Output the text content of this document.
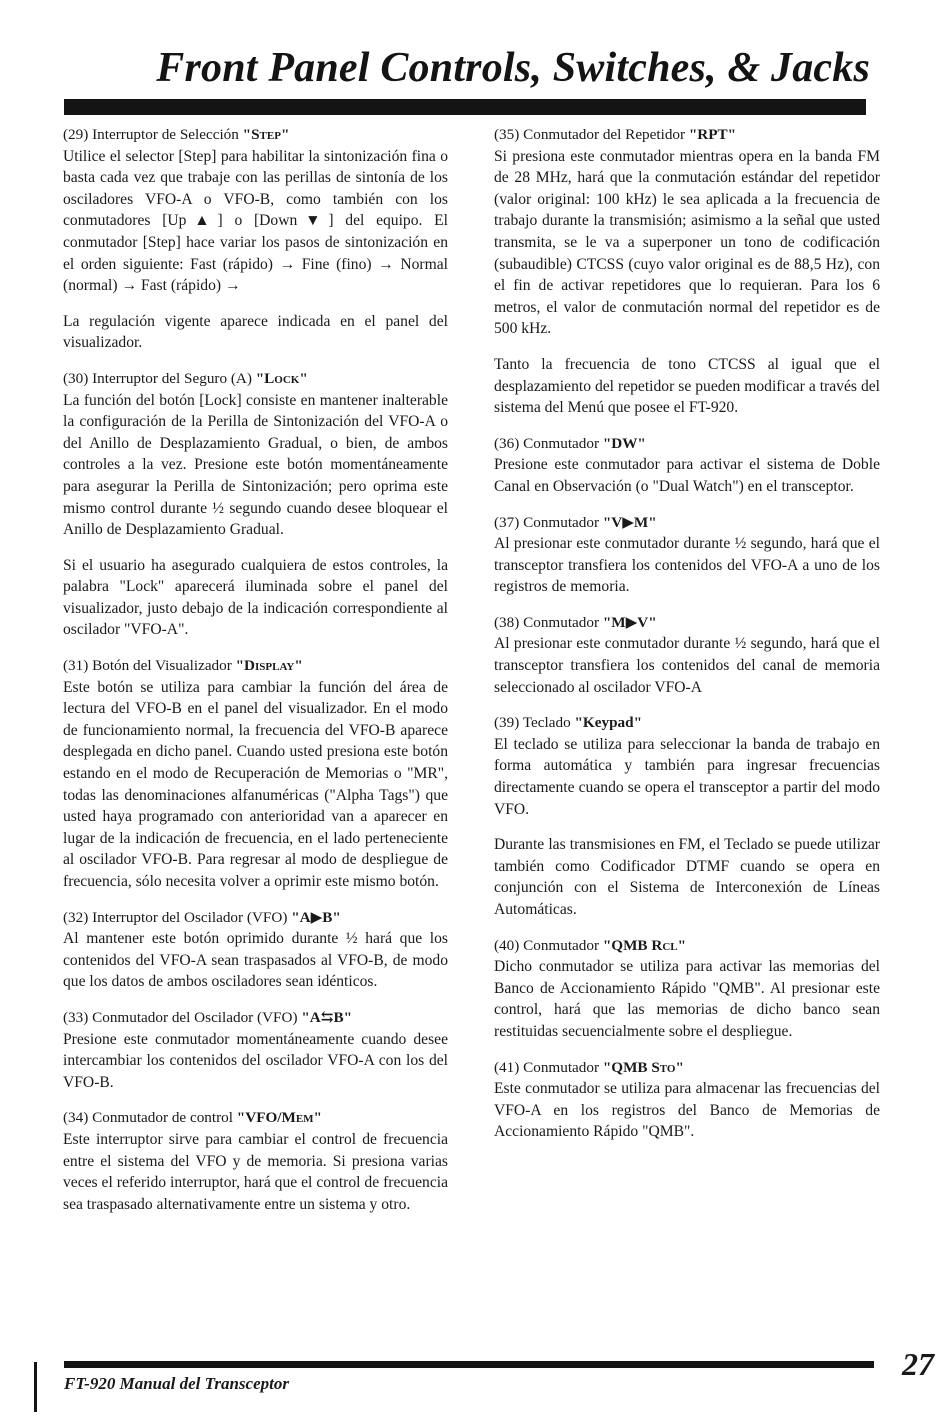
Front Panel Controls, Switches, & Jacks
(29) Interruptor de Selección "Step"

Utilice el selector [Step] para habilitar la sintonización fina o basta cada vez que trabaje con las perillas de sintonía de los osciladores VFO-A o VFO-B, como también con los conmutadores [Up▲] o [Down▼] del equipo. El conmutador [Step] hace variar los pasos de sintonización en el orden siguiente: Fast (rápido) → Fine (fino) → Normal (normal) → Fast (rápido) →

La regulación vigente aparece indicada en el panel del visualizador.

(30) Interruptor del Seguro (A) "Lock"

La función del botón [Lock] consiste en mantener inalterable la configuración de la Perilla de Sintonización del VFO-A o del Anillo de Desplazamiento Gradual, o bien, de ambos controles a la vez. Presione este botón momentáneamente para asegurar la Perilla de Sintonización; pero oprima este mismo control durante ½ segundo cuando desee bloquear el Anillo de Desplazamiento Gradual.

Si el usuario ha asegurado cualquiera de estos controles, la palabra "Lock" aparecerá iluminada sobre el panel del visualizador, justo debajo de la indicación correspondiente al oscilador "VFO-A".

(31) Botón del Visualizador "Display"

Este botón se utiliza para cambiar la función del área de lectura del VFO-B en el panel del visualizador. En el modo de funcionamiento normal, la frecuencia del VFO-B aparece desplegada en dicho panel. Cuando usted presiona este botón estando en el modo de Recuperación de Memorias o "MR", todas las denominaciones alfanuméricas ("Alpha Tags") que usted haya programado con anterioridad van a aparecer en lugar de la indicación de frecuencia, en el lado perteneciente al oscilador VFO-B. Para regresar al modo de despliegue de frecuencia, sólo necesita volver a oprimir este mismo botón.

(32) Interruptor del Oscilador (VFO) "A▶B"

Al mantener este botón oprimido durante ½ hará que los contenidos del VFO-A sean traspasados al VFO-B, de modo que los datos de ambos osciladores sean idénticos.

(33) Conmutador del Oscilador (VFO) "A⇆B"

Presione este conmutador momentáneamente cuando desee intercambiar los contenidos del oscilador VFO-A con los del VFO-B.

(34) Conmutador de control "VFO/Mem"

Este interruptor sirve para cambiar el control de frecuencia entre el sistema del VFO y de memoria. Si presiona varias veces el referido interruptor, hará que el control de frecuencia sea traspasado alternativamente entre un sistema y otro.

(35) Conmutador del Repetidor "RPT"

Si presiona este conmutador mientras opera en la banda FM de 28 MHz, hará que la conmutación estándar del repetidor (valor original: 100 kHz) le sea aplicada a la frecuencia de trabajo durante la transmisión; asimismo a la señal que usted transmita, se le va a superponer un tono de codificación (subaudible) CTCSS (cuyo valor original es de 88,5 Hz), con el fin de activar repetidores que lo requieran. Para los 6 metros, el valor de conmutación normal del repetidor es de 500 kHz.

Tanto la frecuencia de tono CTCSS al igual que el desplazamiento del repetidor se pueden modificar a través del sistema del Menú que posee el FT-920.

(36) Conmutador "DW"

Presione este conmutador para activar el sistema de Doble Canal en Observación (o "Dual Watch") en el transceptor.

(37) Conmutador "V▶M"

Al presionar este conmutador durante ½ segundo, hará que el transceptor transfiera los contenidos del VFO-A a uno de los registros de memoria.

(38) Conmutador "M▶V"

Al presionar este conmutador durante ½ segundo, hará que el transceptor transfiera los contenidos del canal de memoria seleccionado al oscilador VFO-A

(39) Teclado "Keypad"

El teclado se utiliza para seleccionar la banda de trabajo en forma automática y también para ingresar frecuencias directamente cuando se opera el transceptor a partir del modo VFO.

Durante las transmisiones en FM, el Teclado se puede utilizar también como Codificador DTMF cuando se opera en conjunción con el Sistema de Interconexión de Líneas Automáticas.

(40) Conmutador "QMB Rcl"

Dicho conmutador se utiliza para activar las memorias del Banco de Accionamiento Rápido "QMB". Al presionar este control, hará que las memorias de dicho banco sean restituidas secuencialmente sobre el despliegue.

(41) Conmutador "QMB Sto"

Este conmutador se utiliza para almacenar las frecuencias del VFO-A en los registros del Banco de Memorias de Accionamiento Rápido "QMB".

FT-920 Manual del Transceptor
27
